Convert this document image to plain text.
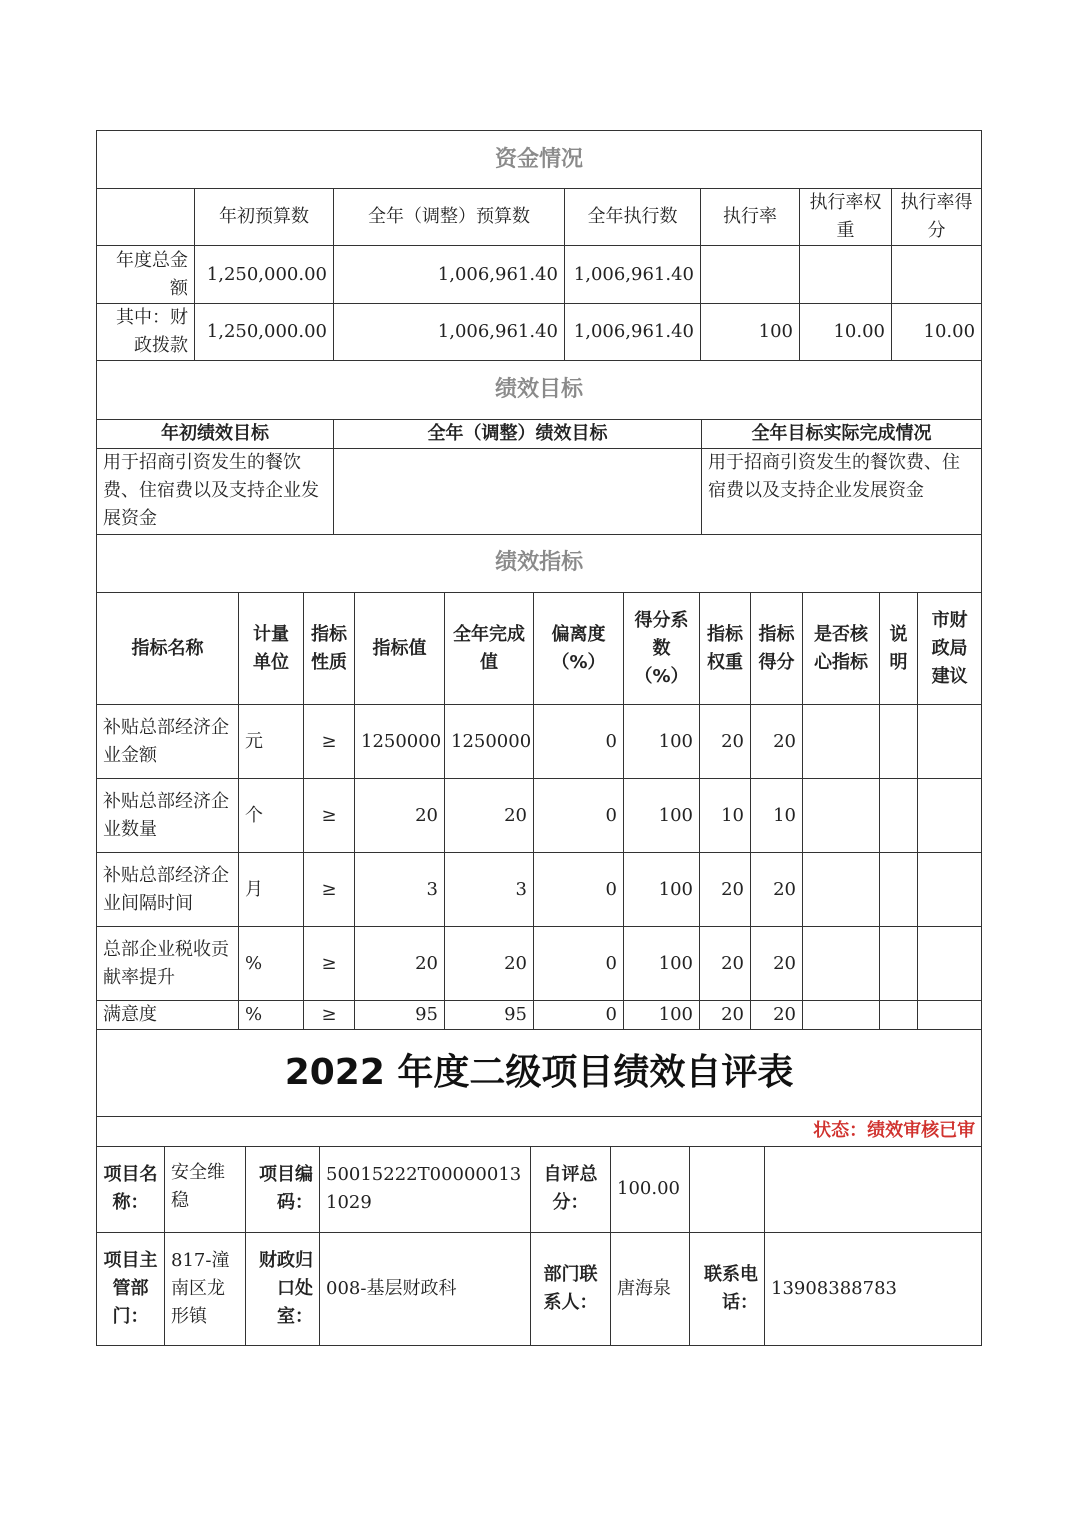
资金情况						
	年初预算数	全年（调整）预算数	全年执行数	执行率	执行率权重	执行率得分
年度总金额	1,250,000.00	1,006,961.40	1,006,961.40			
其中：财政拨款	1,250,000.00	1,006,961.40	1,006,961.40	100	10.00	10.00
绩效目标		
年初绩效目标	全年（调整）绩效目标	全年目标实际完成情况
用于招商引资发生的餐饮费、住宿费以及支持企业发展资金		用于招商引资发生的餐饮费、住宿费以及支持企业发展资金
绩效指标											
指标名称	计量单位	指标性质	指标值	全年完成值	偏离度（%）	得分系数（%）	指标权重	指标得分	是否核心指标	说明	市财政局建议
补贴总部经济企业金额	元	≥	1250000	1250000	0	100	20	20			
补贴总部经济企业数量	个	≥	20	20	0	100	10	10			
补贴总部经济企业间隔时间	月	≥	3	3	0	100	20	20			
总部企业税收贡献率提升	%	≥	20	20	0	100	20	20			
满意度	%	≥	95	95	0	100	20	20			
2022 年度二级项目绩效自评表							
状态：绩效审核已审							
项目名称：	安全维稳	项目编码：	50015222T000000131029	自评总分：	100.00		
项目主管部门：	817-潼南区龙形镇	财政归口处室：	008-基层财政科	部门联系人：	唐海泉	联系电话：	13908388783
